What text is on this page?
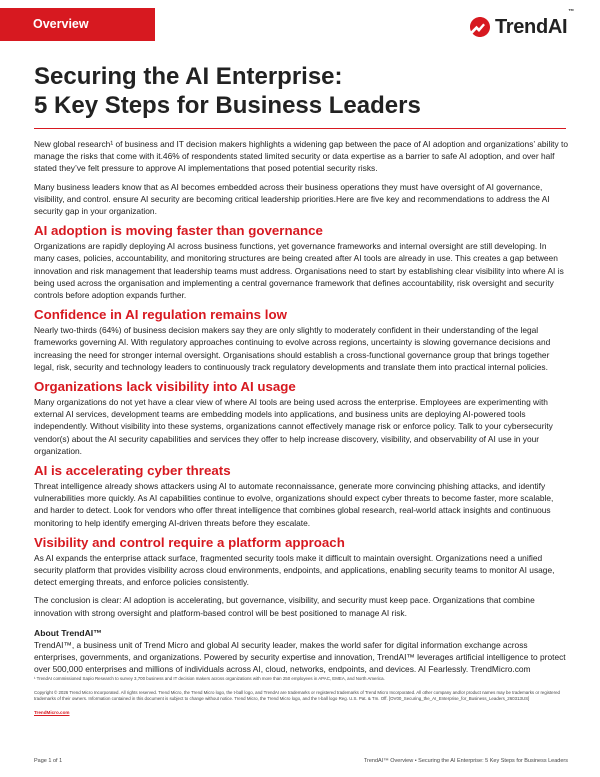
Overview	TrendAI™
Securing the AI Enterprise:
5 Key Steps for Business Leaders

New global research¹ of business and IT decision makers highlights a widening gap between the pace of AI adoption and organizations’ ability to manage the risks that come with it.46% of respondents stated limited security or data expertise as a barrier to safe AI adoption, and over half stated they’ve felt pressure to approve AI implementations that posed potential security risks.

Many business leaders know that as AI becomes embedded across their business operations they must have oversight of AI governance, visibility, and control. ensure AI security are becoming critical leadership priorities.Here are five key and recommendations to address the AI security gap in your organization.

AI adoption is moving faster than governance

Organizations are rapidly deploying AI across business functions, yet governance frameworks and internal oversight are still developing. In many cases, policies, accountability, and monitoring structures are being created after AI tools are already in use. This creates a gap between innovation and risk management that leadership teams must address. Organisations need to start by establishing clear visibility into where AI is being used across the organisation and implementing a central governance framework that defines accountability, risk oversight and security controls before adoption expands further.

Confidence in AI regulation remains low

Nearly two-thirds (64%) of business decision makers say they are only slightly to moderately confident in their understanding of the legal frameworks governing AI. With regulatory approaches continuing to evolve across regions, uncertainty is slowing governance decisions and increasing the need for stronger internal oversight. Organisations should establish a cross-functional governance group that brings together legal, risk, security and technology leaders to continuously track regulatory developments and translate them into practical internal policies.

Organizations lack visibility into AI usage

Many organizations do not yet have a clear view of where AI tools are being used across the enterprise. Employees are experimenting with external AI services, development teams are embedding models into applications, and business units are deploying AI-powered tools independently. Without visibility into these systems, organizations cannot effectively manage risk or enforce policy. Talk to your cybersecurity vendor(s) about the AI security capabilities and services they offer to help increase discovery, visibility, and observability of AI use in your organization.

AI is accelerating cyber threats

Threat intelligence already shows attackers using AI to automate reconnaissance, generate more convincing phishing attacks, and identify vulnerabilities more quickly. As AI capabilities continue to evolve, organizations should expect cyber threats to become faster, more scalable, and harder to detect. Look for vendors who offer threat intelligence that combines global research, real-world attack insights and continuous monitoring to help identify emerging AI-driven threats before they escalate.

Visibility and control require a platform approach

As AI expands the enterprise attack surface, fragmented security tools make it difficult to maintain oversight. Organizations need a unified security platform that provides visibility across cloud environments, endpoints, and applications, enabling security teams to monitor AI usage, detect emerging threats, and enforce policies consistently.

The conclusion is clear: AI adoption is accelerating, but governance, visibility, and security must keep pace. Organizations that combine innovation with strong oversight and platform-based control will be best positioned to manage AI risk.

About TrendAI™

TrendAI™, a business unit of Trend Micro and global AI security leader, makes the world safer for digital information exchange across enterprises, governments, and organizations. Powered by security expertise and innovation, TrendAI™ leverages artificial intelligence to protect over 500,000 enterprises and millions of individuals across AI, cloud, networks, endpoints, and devices. AI Fearlessly. TrendMicro.com

¹ TrendAI commissioned Sapio Research to survey 3,700 business and IT decision makers across organizations with more than 250 employees in APAC, EMEA, and North America.
Copyright © 2026 Trend Micro Incorporated. All rights reserved. Trend Micro, the Trend Micro logo, the t-ball logo, and TrendAI are trademarks or registered trademarks of Trend Micro Incorporated. All other company and/or product names may be trademarks or registered trademarks of their owners. Information contained in this document is subject to change without notice. Trend Micro, the Trend Micro logo, and the t-ball logo Reg. U.S. Pat. & Tm. Off. [OV00_Securing_the_AI_Enterprise_for_Business_Leaders_260313US]
TrendMicro.com
Page 1 of 1	TrendAI™ Overview • Securing the AI Enterprise: 5 Key Steps for Business Leaders
